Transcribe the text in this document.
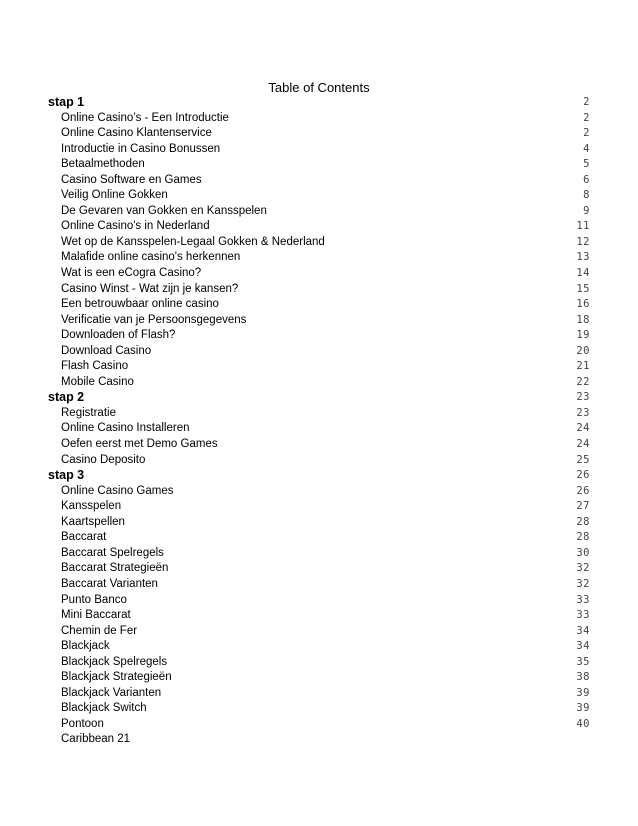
Table of Contents
stap 1	2
Online Casino’s - Een Introductie	2
Online Casino Klantenservice	2
Introductie in Casino Bonussen	4
Betaalmethoden	5
Casino Software en Games	6
Veilig Online Gokken	8
De Gevaren van Gokken en Kansspelen	9
Online Casino's in Nederland	11
Wet op de Kansspelen-Legaal Gokken & Nederland	12
Malafide online casino's herkennen	13
Wat is een eCogra Casino?	14
Casino Winst - Wat zijn je kansen?	15
Een betrouwbaar online casino	16
Verificatie van je Persoonsgegevens	18
Downloaden of Flash?	19
Download Casino	20
Flash Casino	21
Mobile Casino	22
stap 2	23
Registratie	23
Online Casino Installeren	24
Oefen eerst met Demo Games	24
Casino Deposito	25
stap 3	26
Online Casino Games	26
Kansspelen	27
Kaartspellen	28
Baccarat	28
Baccarat Spelregels	30
Baccarat Strategieën	32
Baccarat Varianten	32
Punto Banco	33
Mini Baccarat	33
Chemin de Fer	34
Blackjack	34
Blackjack Spelregels	35
Blackjack Strategieën	38
Blackjack Varianten	39
Blackjack Switch	39
Pontoon	40
Caribbean 21
